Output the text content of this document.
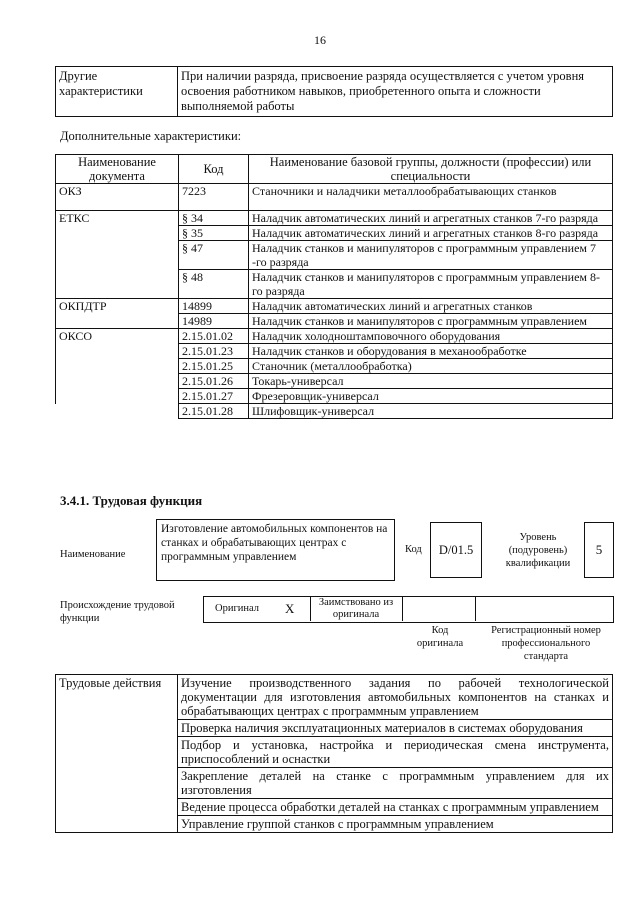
16
Другие характеристики	При наличии разряда, присвоение разряда осуществляется с учетом уровня освоения работником навыков, приобретенного опыта и сложности выполняемой работы
Дополнительные характеристики:
Наименование документа	Код	Наименование базовой группы, должности (профессии) или специальности
ОКЗ	7223	Станочники и наладчики металлообрабатывающих станков
ЕТКС	§ 34	Наладчик автоматических линий и агрегатных станков 7-го разряда
	§ 35	Наладчик автоматических линий и агрегатных станков 8-го разряда
	§ 47	Наладчик станков и манипуляторов с программным управлением 7 -го разряда
	§ 48	Наладчик станков и манипуляторов с программным управлением 8-го разряда
ОКПДТР	14899	Наладчик автоматических линий и агрегатных станков
	14989	Наладчик станков и манипуляторов с программным управлением
ОКСО	2.15.01.02	Наладчик холодноштамповочного оборудования
	2.15.01.23	Наладчик станков и оборудования в механообработке
	2.15.01.25	Станочник (металлообработка)
	2.15.01.26	Токарь-универсал
	2.15.01.27	Фрезеровщик-универсал
	2.15.01.28	Шлифовщик-универсал
3.4.1. Трудовая функция
Наименование
Изготовление автомобильных компонентов на станках и обрабатывающих центрах с программным управлением
Код	D/01.5
Уровень (подуровень) квалификации
5
Происхождение трудовой функции
Оригинал X	Заимствовано из оригинала
Код оригинала
Регистрационный номер профессионального стандарта
Трудовые действия	Изучение производственного задания по рабочей технологической документации для изготовления автомобильных компонентов на станках и обрабатывающих центрах с программным управлением
Проверка наличия эксплуатационных материалов в системах оборудования
Подбор и установка, настройка и периодическая смена инструмента, приспособлений и оснастки
Закрепление деталей на станке с программным управлением для их изготовления
Ведение процесса обработки деталей на станках с программным управлением
Управление группой станков с программным управлением
